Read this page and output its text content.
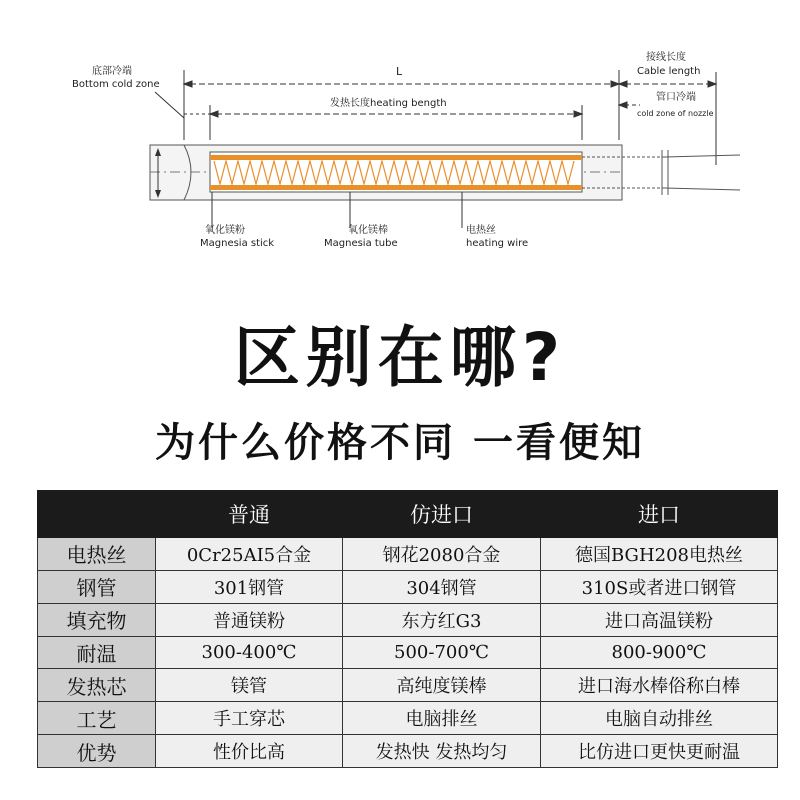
底部冷端
Bottom cold zone
L
发热长度heating bength
接线长度
Cable length
管口冷端
cold zone of nozzle
氧化镁粉
Magnesia stick
氧化镁棒
Magnesia tube
电热丝
heating wire
区别在哪?
为什么价格不同 一看便知
	普通	仿进口	进口
电热丝	0Cr25AI5合金	钢花2080合金	德国BGH208电热丝
钢管	301钢管	304钢管	310S或者进口钢管
填充物	普通镁粉	东方红G3	进口高温镁粉
耐温	300-400℃	500-700℃	800-900℃
发热芯	镁管	高纯度镁棒	进口海水棒俗称白棒
工艺	手工穿芯	电脑排丝	电脑自动排丝
优势	性价比高	发热快 发热均匀	比仿进口更快更耐温
